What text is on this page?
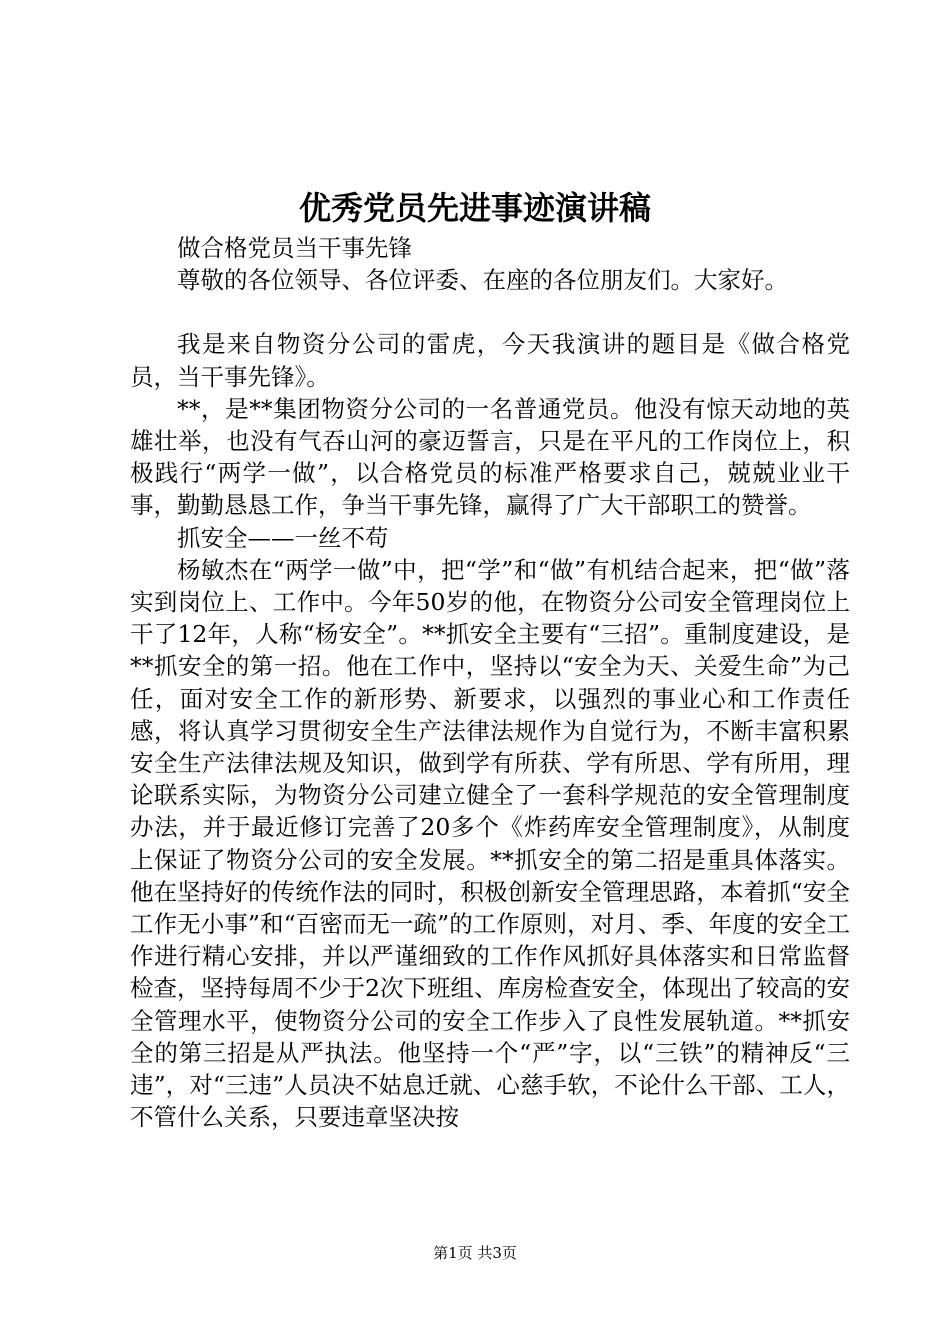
优秀党员先进事迹演讲稿

做合格党员当干事先锋

尊敬的各位领导、各位评委、在座的各位朋友们。大家好。

我是来自物资分公司的雷虎，今天我演讲的题目是《做合格党员，当干事先锋》。

**，是**集团物资分公司的一名普通党员。他没有惊天动地的英雄壮举，也没有气吞山河的豪迈誓言，只是在平凡的工作岗位上，积极践行“两学一做”，以合格党员的标准严格要求自己，兢兢业业干事，勤勤恳恳工作，争当干事先锋，赢得了广大干部职工的赞誉。

抓安全——一丝不苟

杨敏杰在“两学一做”中，把“学”和“做”有机结合起来，把“做”落实到岗位上、工作中。今年50岁的他，在物资分公司安全管理岗位上干了12年，人称“杨安全”。**抓安全主要有“三招”。重制度建设，是**抓安全的第一招。他在工作中，坚持以“安全为天、关爱生命”为己任，面对安全工作的新形势、新要求，以强烈的事业心和工作责任感，将认真学习贯彻安全生产法律法规作为自觉行为，不断丰富积累安全生产法律法规及知识，做到学有所获、学有所思、学有所用，理论联系实际，为物资分公司建立健全了一套科学规范的安全管理制度办法，并于最近修订完善了20多个《炸药库安全管理制度》，从制度上保证了物资分公司的安全发展。**抓安全的第二招是重具体落实。他在坚持好的传统作法的同时，积极创新安全管理思路，本着抓“安全工作无小事”和“百密而无一疏”的工作原则，对月、季、年度的安全工作进行精心安排，并以严谨细致的工作作风抓好具体落实和日常监督检查，坚持每周不少于2次下班组、库房检查安全，体现出了较高的安全管理水平，使物资分公司的安全工作步入了良性发展轨道。**抓安全的第三招是从严执法。他坚持一个“严”字，以“三铁”的精神反“三违”，对“三违”人员决不姑息迁就、心慈手软，不论什么干部、工人，不管什么关系，只要违章坚决按

第1页 共3页
